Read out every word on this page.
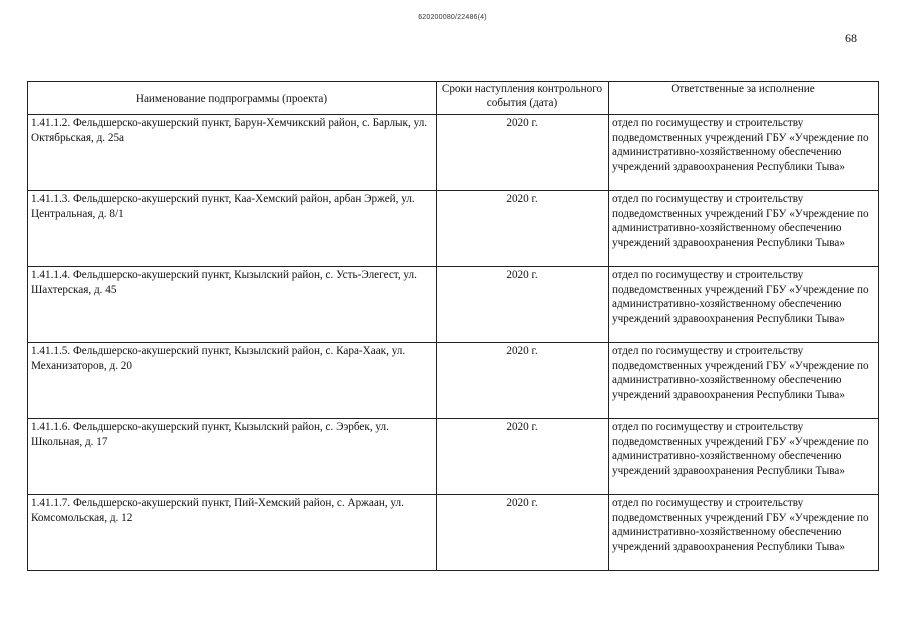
620200080/22486(4)
68
Наименование подпрограммы (проекта)	Сроки наступления контрольного события (дата)	Ответственные за исполнение
1.41.1.2. Фельдшерско-акушерский пункт, Барун-Хемчикский район, с. Барлык, ул. Октябрьская, д. 25а	2020 г.	отдел по госимуществу и строительству подведомственных учреждений ГБУ «Учреждение по административно-хозяйственному обеспечению учреждений здравоохранения Республики Тыва»
1.41.1.3. Фельдшерско-акушерский пункт, Каа-Хемский район, арбан Эржей, ул. Центральная, д. 8/1	2020 г.	отдел по госимуществу и строительству подведомственных учреждений ГБУ «Учреждение по административно-хозяйственному обеспечению учреждений здравоохранения Республики Тыва»
1.41.1.4. Фельдшерско-акушерский пункт, Кызылский район, с. Усть-Элегест, ул. Шахтерская, д. 45	2020 г.	отдел по госимуществу и строительству подведомственных учреждений ГБУ «Учреждение по административно-хозяйственному обеспечению учреждений здравоохранения Республики Тыва»
1.41.1.5. Фельдшерско-акушерский пункт, Кызылский район, с. Кара-Хаак, ул. Механизаторов, д. 20	2020 г.	отдел по госимуществу и строительству подведомственных учреждений ГБУ «Учреждение по административно-хозяйственному обеспечению учреждений здравоохранения Республики Тыва»
1.41.1.6. Фельдшерско-акушерский пункт, Кызылский район, с. Ээрбек, ул. Школьная, д. 17	2020 г.	отдел по госимуществу и строительству подведомственных учреждений ГБУ «Учреждение по административно-хозяйственному обеспечению учреждений здравоохранения Республики Тыва»
1.41.1.7. Фельдшерско-акушерский пункт, Пий-Хемский район, с. Аржаан, ул. Комсомольская, д. 12	2020 г.	отдел по госимуществу и строительству подведомственных учреждений ГБУ «Учреждение по административно-хозяйственному обеспечению учреждений здравоохранения Республики Тыва»
